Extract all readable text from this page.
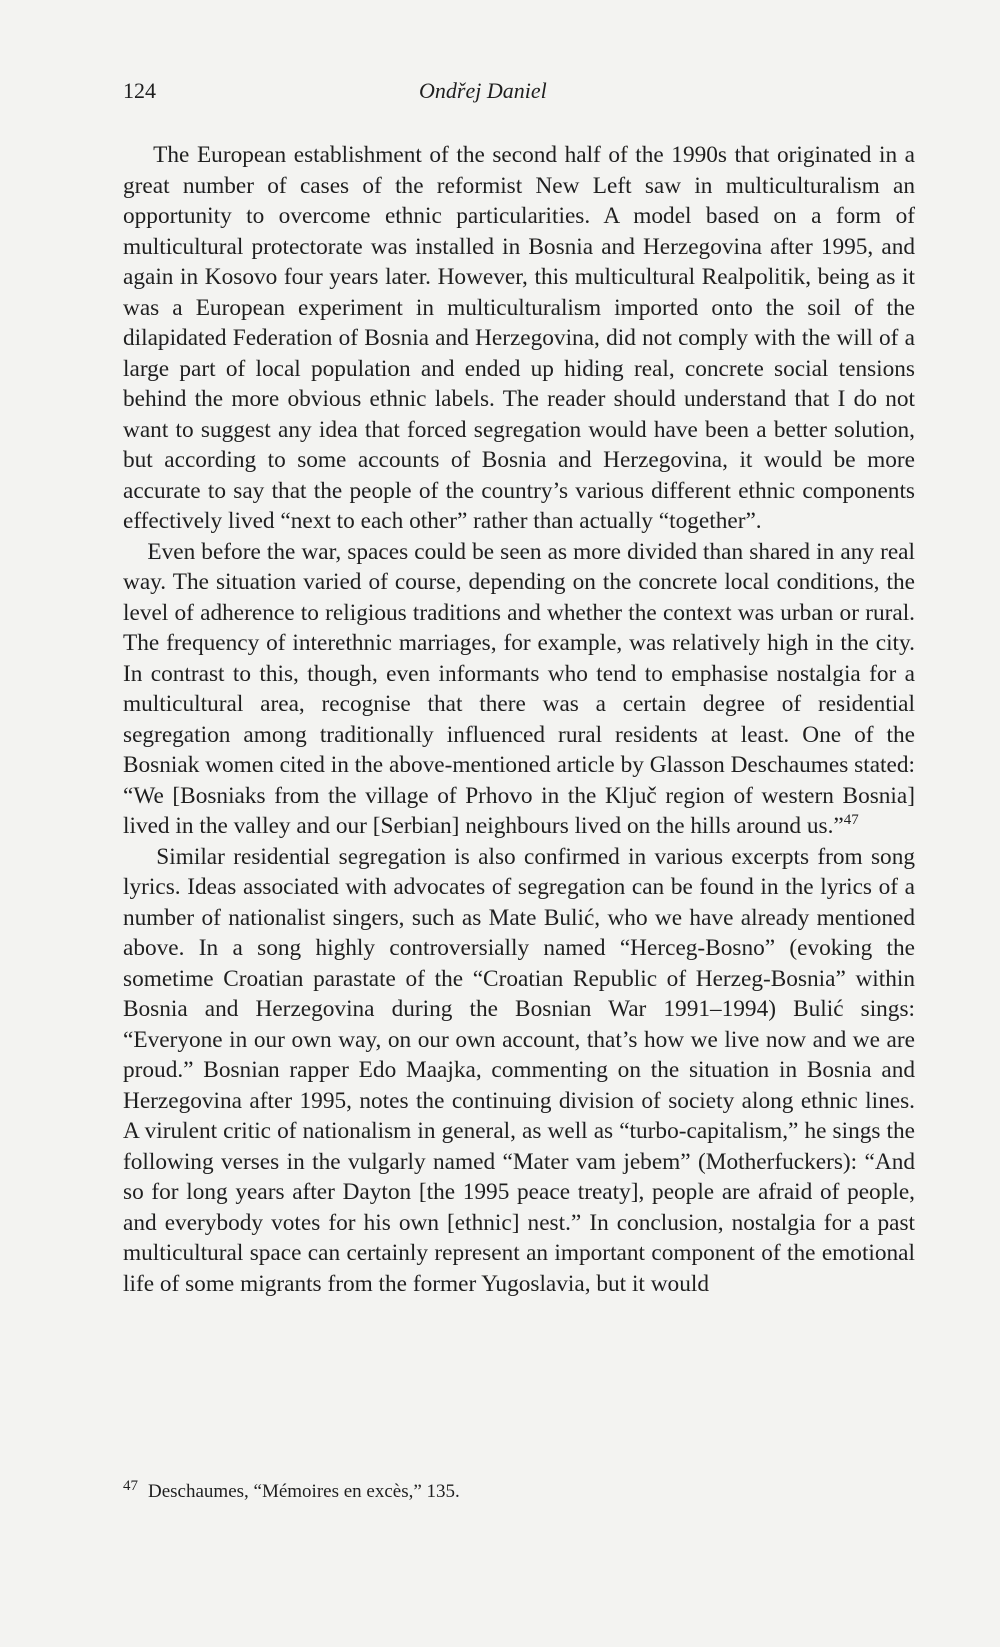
124	Ondřej Daniel

The European establishment of the second half of the 1990s that originated in a great number of cases of the reformist New Left saw in multiculturalism an opportunity to overcome ethnic particularities. A model based on a form of multicultural protectorate was installed in Bosnia and Herzegovina after 1995, and again in Kosovo four years later. However, this multicultural Realpolitik, being as it was a European experiment in multiculturalism imported onto the soil of the dilapidated Federation of Bosnia and Herzegovina, did not comply with the will of a large part of local population and ended up hiding real, concrete social tensions behind the more obvious ethnic labels. The reader should understand that I do not want to suggest any idea that forced segregation would have been a better solution, but according to some accounts of Bosnia and Herzegovina, it would be more accurate to say that the people of the country’s various different ethnic components effectively lived “next to each other” rather than actually “together”.

Even before the war, spaces could be seen as more divided than shared in any real way. The situation varied of course, depending on the concrete local conditions, the level of adherence to religious traditions and whether the context was urban or rural. The frequency of interethnic marriages, for example, was relatively high in the city. In contrast to this, though, even informants who tend to emphasise nostalgia for a multicultural area, recognise that there was a certain degree of residential segregation among traditionally influenced rural residents at least. One of the Bosniak women cited in the above-mentioned article by Glasson Deschaumes stated: “We [Bosniaks from the village of Prhovo in the Ključ region of western Bosnia] lived in the valley and our [Serbian] neighbours lived on the hills around us.”$^{47}$

Similar residential segregation is also confirmed in various excerpts from song lyrics. Ideas associated with advocates of segregation can be found in the lyrics of a number of nationalist singers, such as Mate Bulić, who we have already mentioned above. In a song highly controversially named “Herceg-Bosno” (evoking the sometime Croatian parastate of the “Croatian Republic of Herzeg-Bosnia” within Bosnia and Herzegovina during the Bosnian War 1991–1994) Bulić sings: “Everyone in our own way, on our own account, that’s how we live now and we are proud.” Bosnian rapper Edo Maajka, commenting on the situation in Bosnia and Herzegovina after 1995, notes the continuing division of society along ethnic lines. A virulent critic of nationalism in general, as well as “turbo-capitalism,” he sings the following verses in the vulgarly named “Mater vam jebem” (Motherfuckers): “And so for long years after Dayton [the 1995 peace treaty], people are afraid of people, and everybody votes for his own [ethnic] nest.” In conclusion, nostalgia for a past multicultural space can certainly represent an important component of the emotional life of some migrants from the former Yugoslavia, but it would

$^{47}$ Deschaumes, “Mémoires en excès,” 135.
